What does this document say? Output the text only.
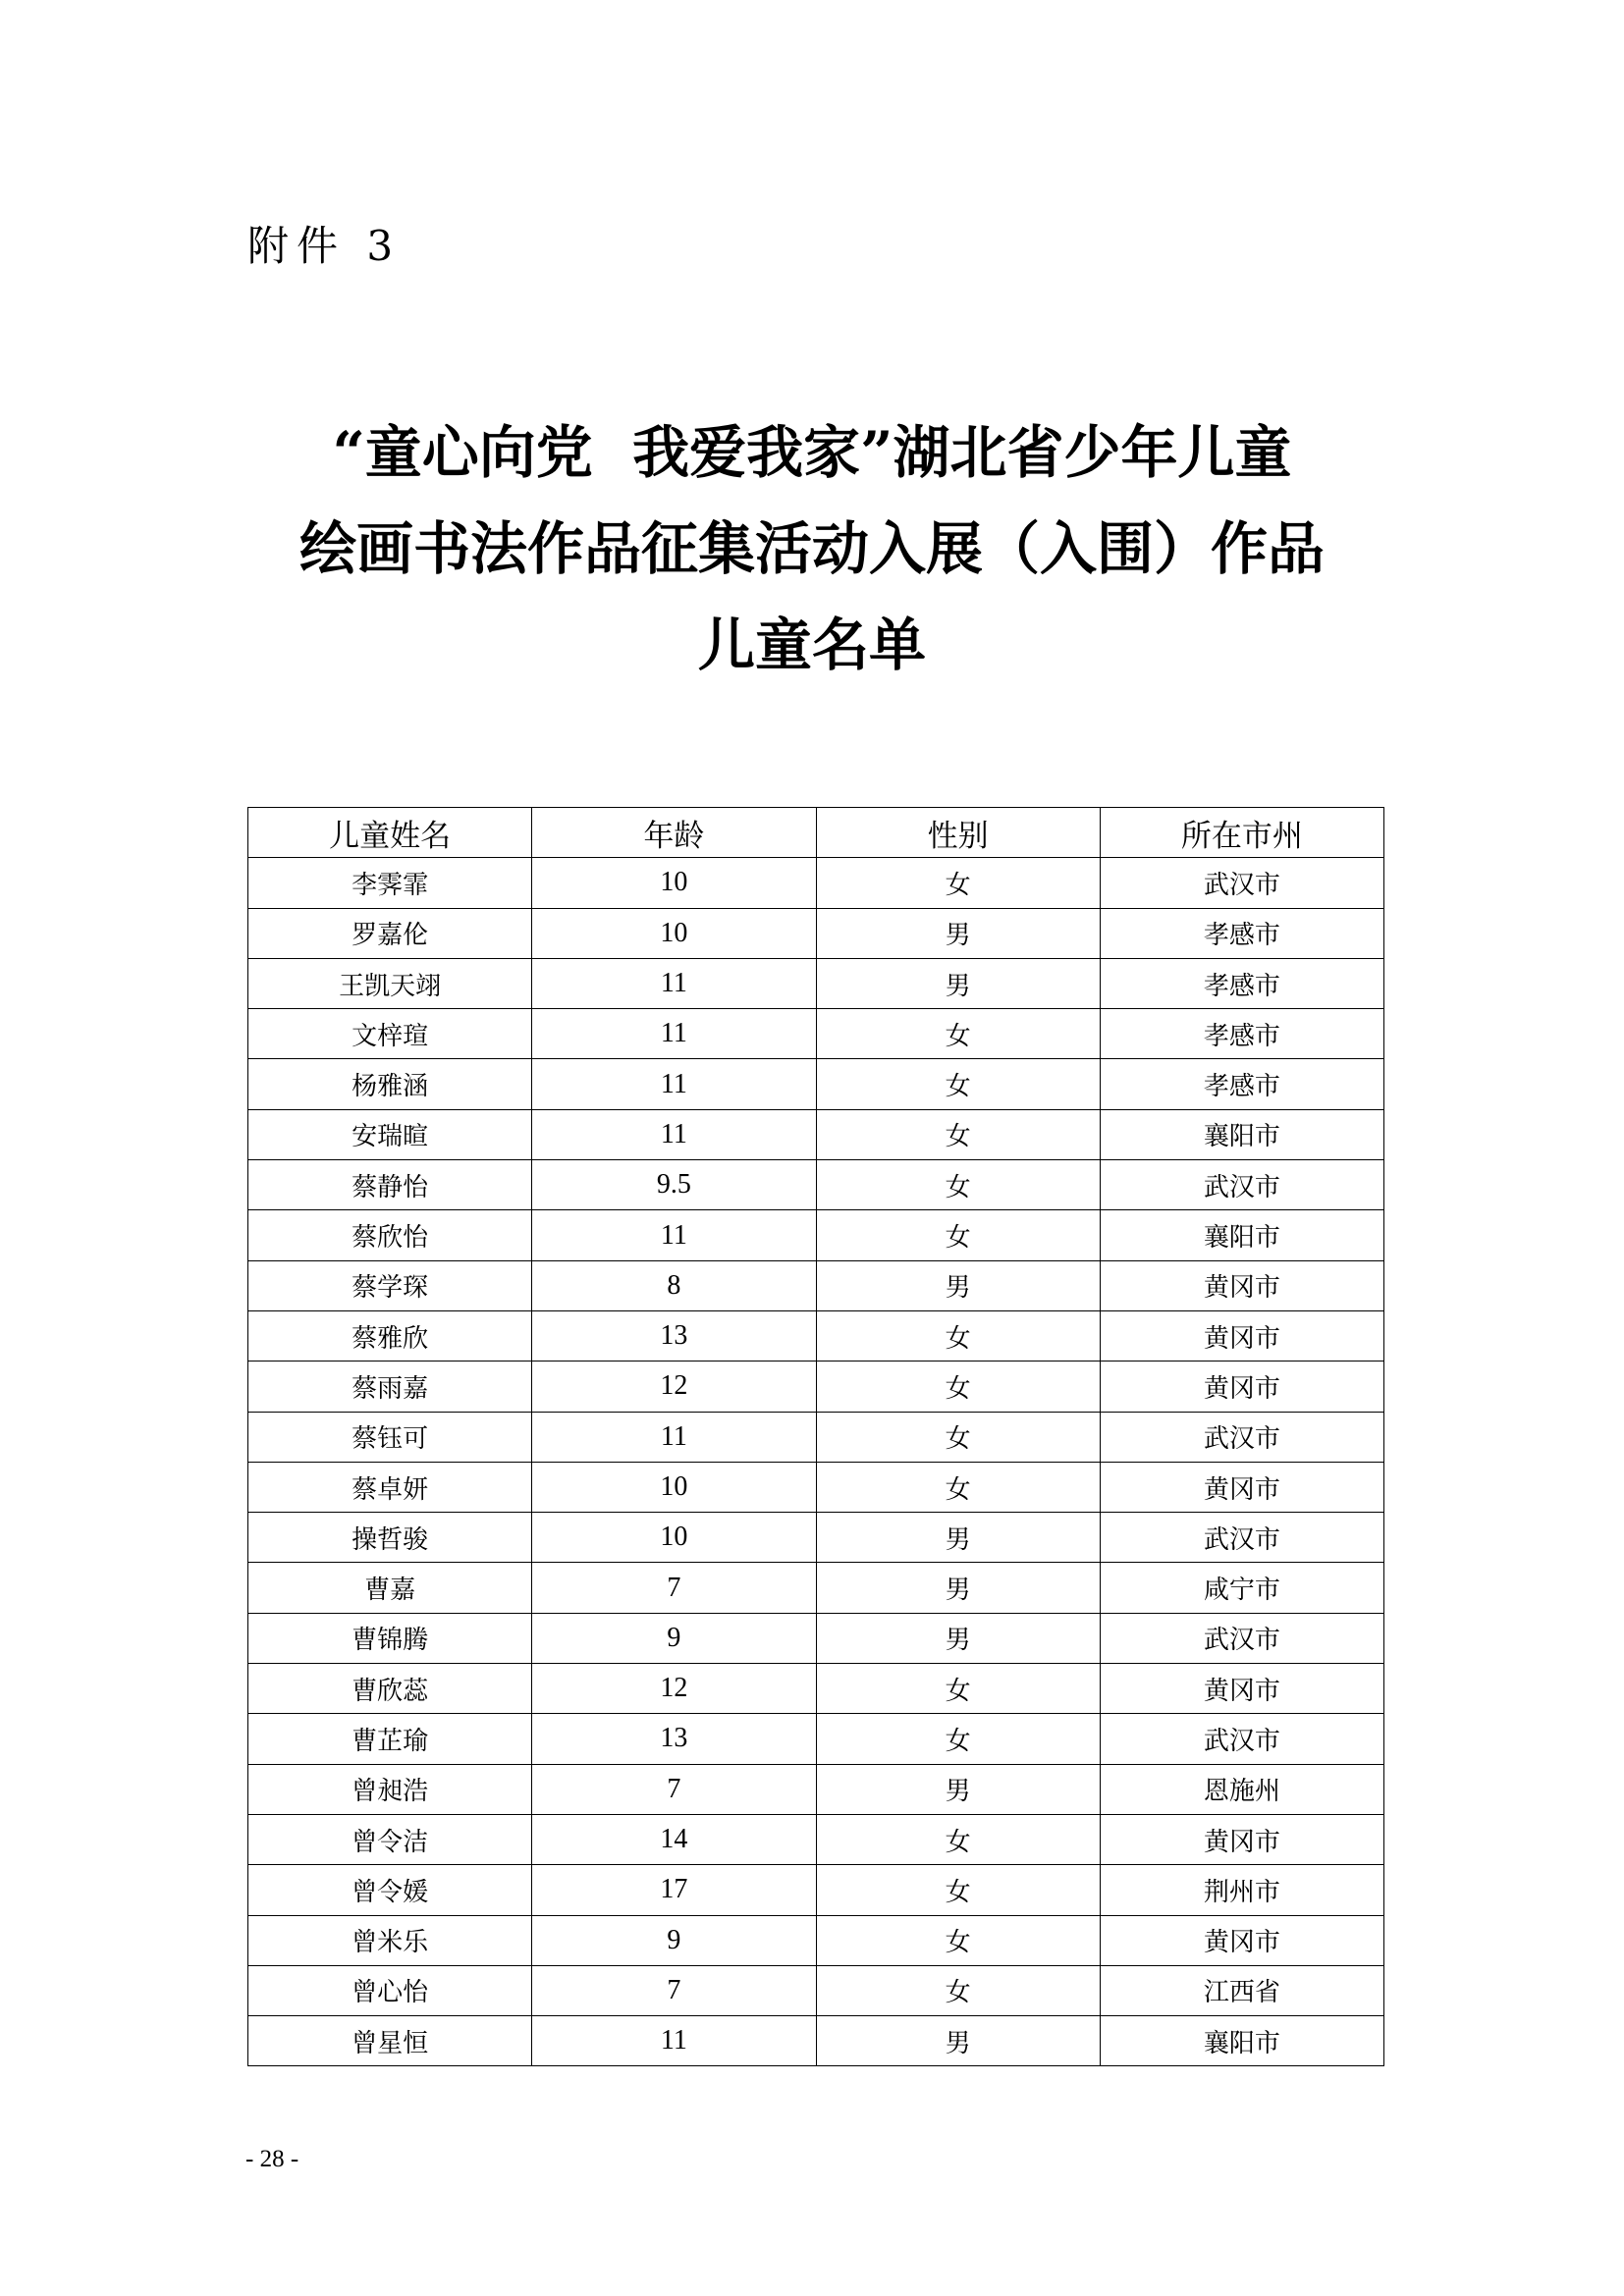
附件 3
“童心向党  我爱我家”湖北省少年儿童
绘画书法作品征集活动入展（入围）作品
儿童名单
儿童姓名	年龄	性别	所在市州
李霁霏	10	女	武汉市
罗嘉伦	10	男	孝感市
王凯天翊	11	男	孝感市
文梓瑄	11	女	孝感市
杨雅涵	11	女	孝感市
安瑞暄	11	女	襄阳市
蔡静怡	9.5	女	武汉市
蔡欣怡	11	女	襄阳市
蔡学琛	8	男	黄冈市
蔡雅欣	13	女	黄冈市
蔡雨嘉	12	女	黄冈市
蔡钰可	11	女	武汉市
蔡卓妍	10	女	黄冈市
操哲骏	10	男	武汉市
曹嘉	7	男	咸宁市
曹锦腾	9	男	武汉市
曹欣蕊	12	女	黄冈市
曹芷瑜	13	女	武汉市
曾昶浩	7	男	恩施州
曾令洁	14	女	黄冈市
曾令媛	17	女	荆州市
曾米乐	9	女	黄冈市
曾心怡	7	女	江西省
曾星恒	11	男	襄阳市
- 28 -
